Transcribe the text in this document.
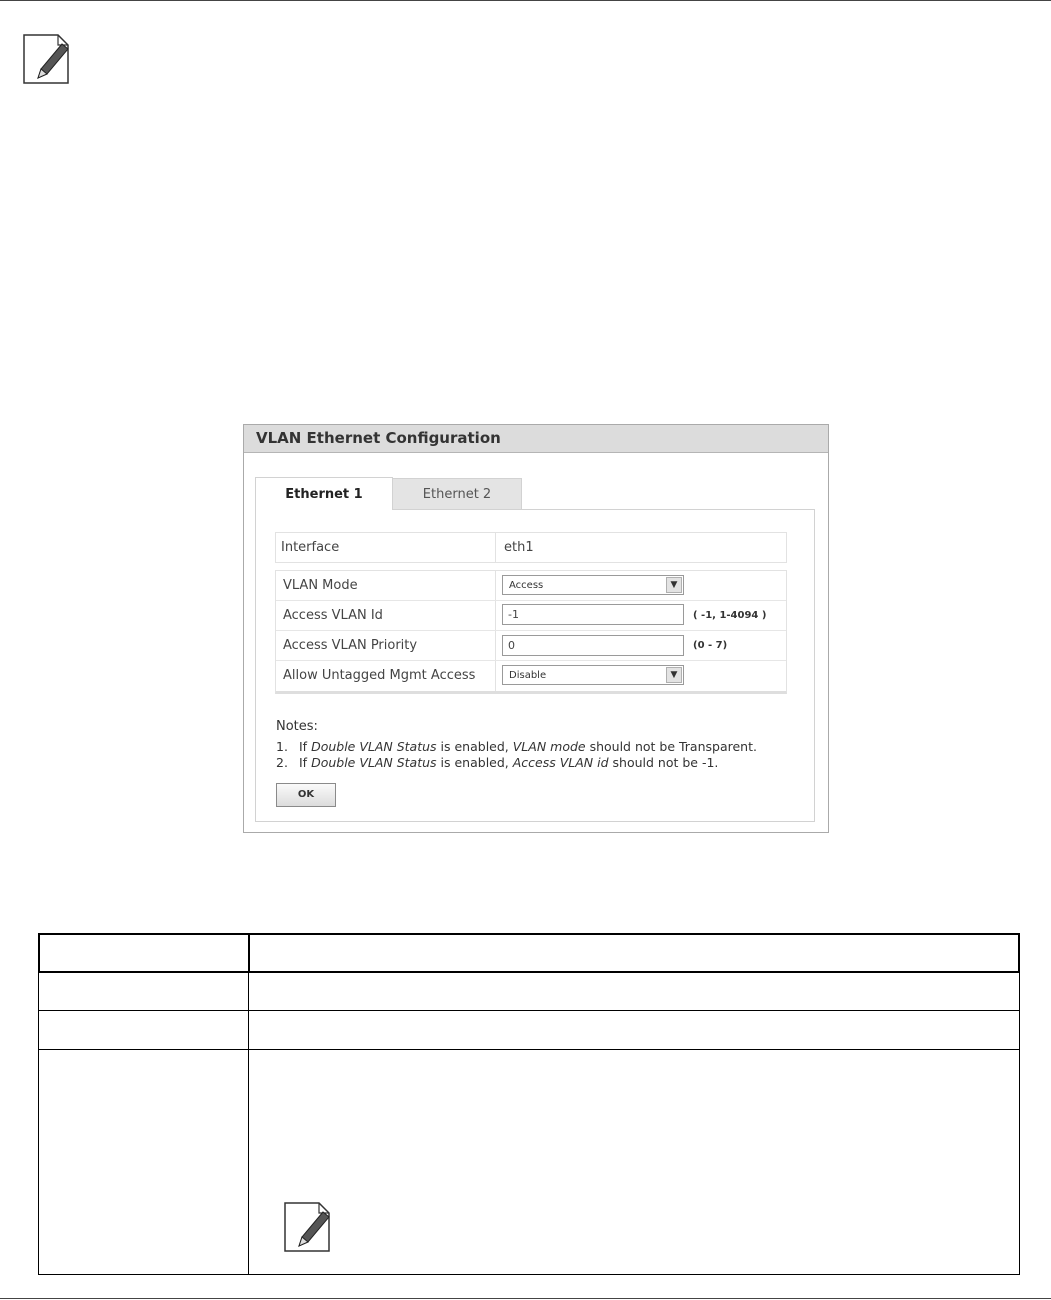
VLAN Ethernet Configuration
Ethernet 1	Ethernet 2
Interface	eth1
VLAN Mode	Access	▼
Access VLAN Id	-1	( -1, 1-4094 )
Access VLAN Priority	0	(0 - 7)
Allow Untagged Mgmt Access	Disable	▼
Notes:
1. If Double VLAN Status is enabled, VLAN mode should not be Transparent.
2. If Double VLAN Status is enabled, Access VLAN id should not be -1.
OK
